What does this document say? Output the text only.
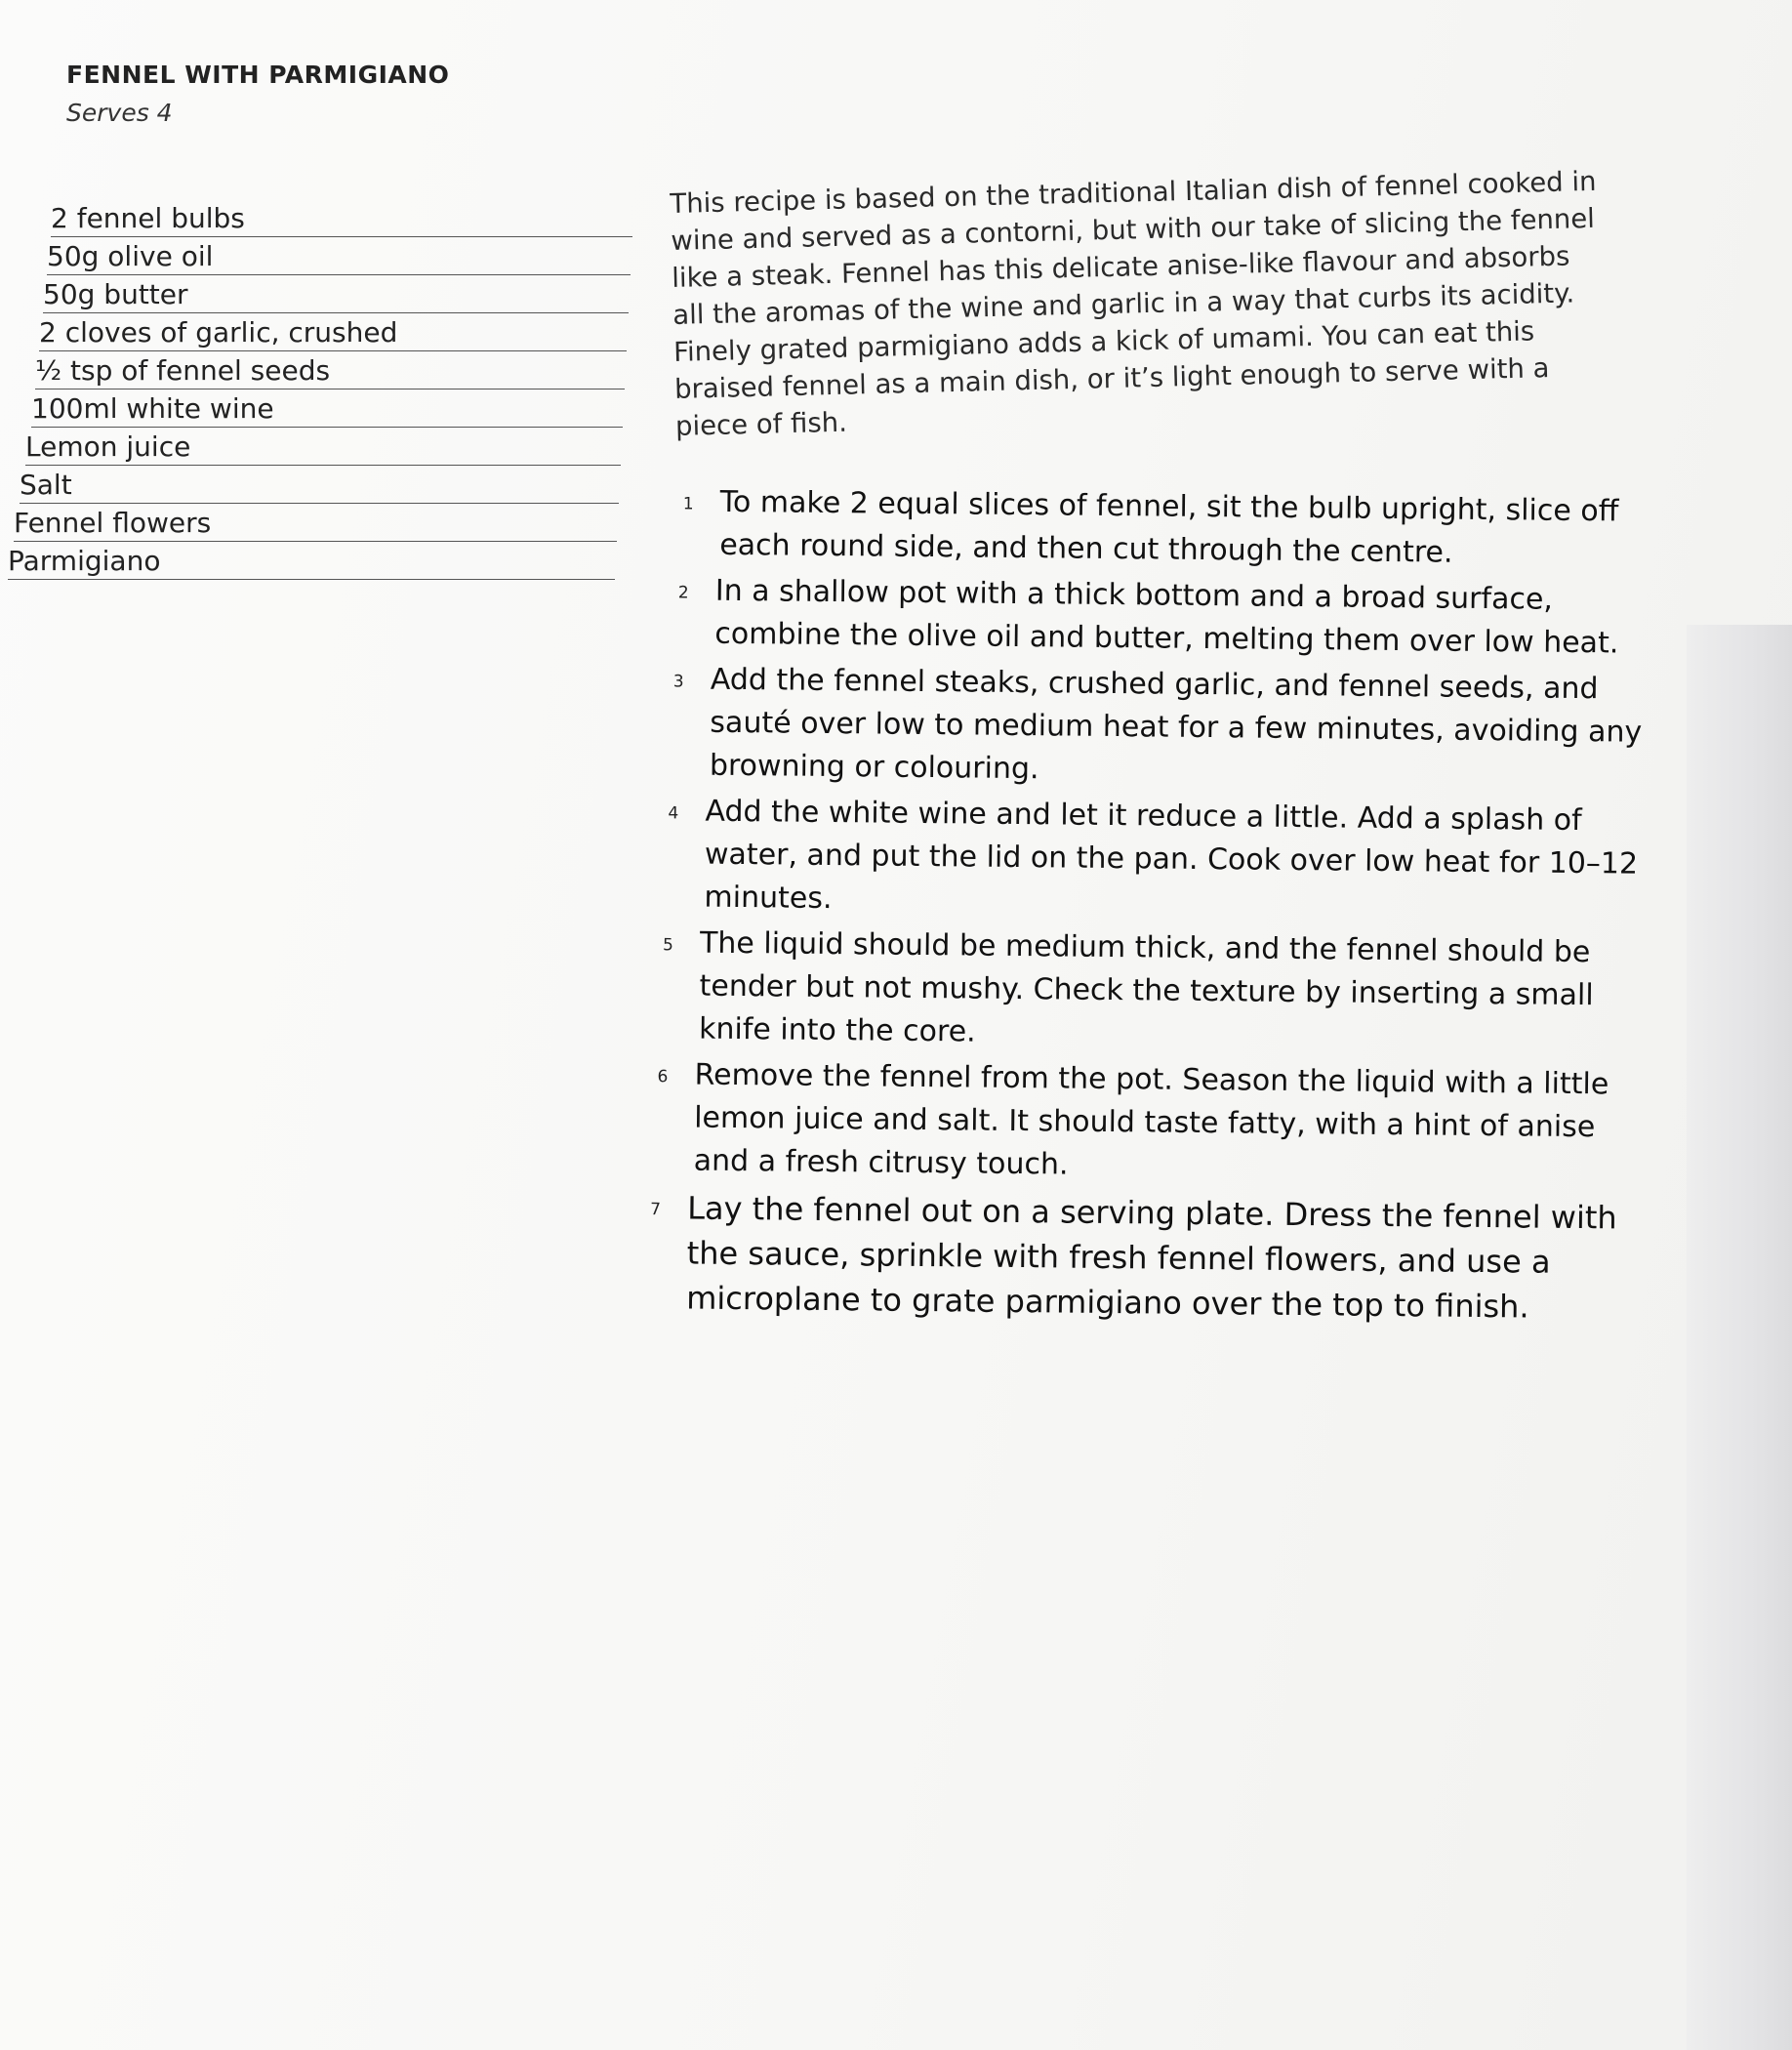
FENNEL WITH PARMIGIANO
Serves 4
2 fennel bulbs
50g olive oil
50g butter
2 cloves of garlic, crushed
½ tsp of fennel seeds
100ml white wine
Lemon juice
Salt
Fennel flowers
Parmigiano

This recipe is based on the traditional Italian dish of fennel cooked in wine and served as a contorni, but with our take of slicing the fennel like a steak. Fennel has this delicate anise-like flavour and absorbs all the aromas of the wine and garlic in a way that curbs its acidity. Finely grated parmigiano adds a kick of umami. You can eat this braised fennel as a main dish, or it’s light enough to serve with a piece of fish.

1 To make 2 equal slices of fennel, sit the bulb upright, slice off each round side, and then cut through the centre.
2 In a shallow pot with a thick bottom and a broad surface, combine the olive oil and butter, melting them over low heat.
3 Add the fennel steaks, crushed garlic, and fennel seeds, and sauté over low to medium heat for a few minutes, avoiding any browning or colouring.
4 Add the white wine and let it reduce a little. Add a splash of water, and put the lid on the pan. Cook over low heat for 10–12 minutes.
5 The liquid should be medium thick, and the fennel should be tender but not mushy. Check the texture by inserting a small knife into the core.
6 Remove the fennel from the pot. Season the liquid with a little lemon juice and salt. It should taste fatty, with a hint of anise and a fresh citrusy touch.
7 Lay the fennel out on a serving plate. Dress the fennel with the sauce, sprinkle with fresh fennel flowers, and use a microplane to grate parmigiano over the top to finish.
